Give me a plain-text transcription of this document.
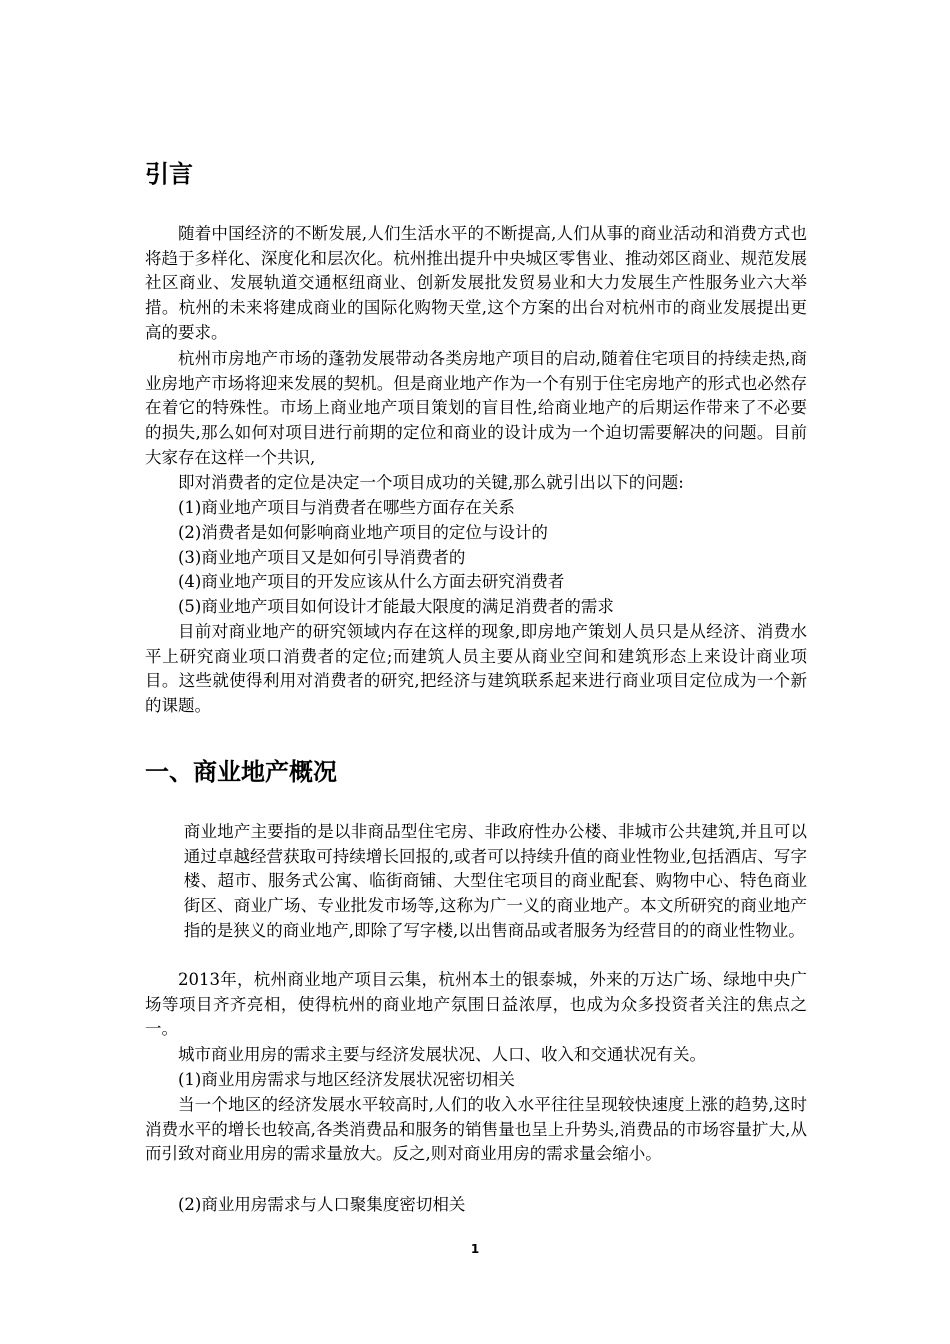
引言

随着中国经济的不断发展,人们生活水平的不断提高,人们从事的商业活动和消费方式也将趋于多样化、深度化和层次化。杭州推出提升中央城区零售业、推动郊区商业、规范发展社区商业、发展轨道交通枢纽商业、创新发展批发贸易业和大力发展生产性服务业六大举措。杭州的未来将建成商业的国际化购物天堂,这个方案的出台对杭州市的商业发展提出更高的要求。

杭州市房地产市场的蓬勃发展带动各类房地产项目的启动,随着住宅项目的持续走热,商业房地产市场将迎来发展的契机。但是商业地产作为一个有别于住宅房地产的形式也必然存在着它的特殊性。市场上商业地产项目策划的盲目性,给商业地产的后期运作带来了不必要的损失,那么如何对项目进行前期的定位和商业的设计成为一个迫切需要解决的问题。目前大家存在这样一个共识,

即对消费者的定位是决定一个项目成功的关键,那么就引出以下的问题:

(1)商业地产项目与消费者在哪些方面存在关系

(2)消费者是如何影响商业地产项目的定位与设计的

(3)商业地产项目又是如何引导消费者的

(4)商业地产项目的开发应该从什么方面去研究消费者

(5)商业地产项目如何设计才能最大限度的满足消费者的需求

目前对商业地产的研究领域内存在这样的现象,即房地产策划人员只是从经济、消费水平上研究商业项口消费者的定位;而建筑人员主要从商业空间和建筑形态上来设计商业项目。这些就使得利用对消费者的研究,把经济与建筑联系起来进行商业项目定位成为一个新的课题。

一、商业地产概况

商业地产主要指的是以非商品型住宅房、非政府性办公楼、非城市公共建筑,并且可以通过卓越经营获取可持续增长回报的,或者可以持续升值的商业性物业,包括酒店、写字楼、超市、服务式公寓、临街商铺、大型住宅项目的商业配套、购物中心、特色商业街区、商业广场、专业批发市场等,这称为广一义的商业地产。本文所研究的商业地产指的是狭义的商业地产,即除了写字楼,以出售商品或者服务为经营目的的商业性物业。

2013年，杭州商业地产项目云集，杭州本土的银泰城，外来的万达广场、绿地中央广场等项目齐齐亮相，使得杭州的商业地产氛围日益浓厚，也成为众多投资者关注的焦点之一。

城市商业用房的需求主要与经济发展状况、人口、收入和交通状况有关。

(1)商业用房需求与地区经济发展状况密切相关

当一个地区的经济发展水平较高时,人们的收入水平往往呈现较快速度上涨的趋势,这时消费水平的增长也较高,各类消费品和服务的销售量也呈上升势头,消费品的市场容量扩大,从而引致对商业用房的需求量放大。反之,则对商业用房的需求量会缩小。

(2)商业用房需求与人口聚集度密切相关

1
